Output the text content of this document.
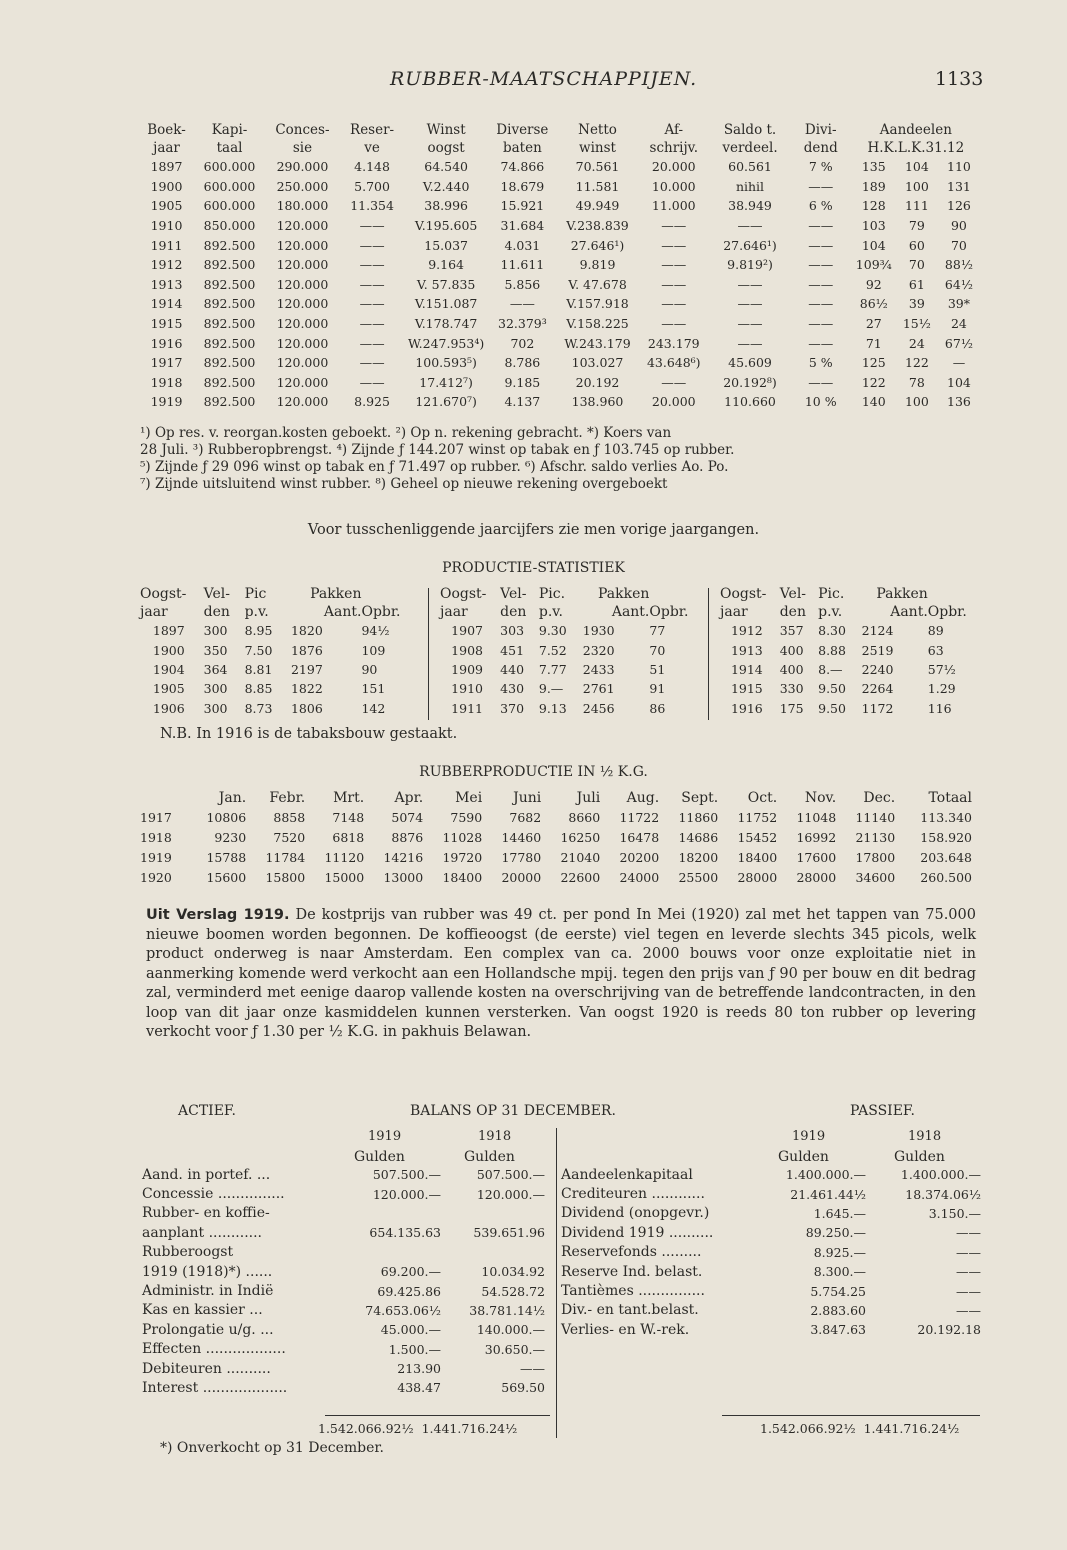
RUBBER-MAATSCHAPPIJEN.	1133
Boek-	Kapi-	Conces-	Reser-	Winst	Diverse	Netto	Af-	Saldo t.	Divi-	Aandeelen		
jaar	taal	sie	ve	oogst	baten	winst	schrijv.	verdeel.	dend	H.K.L.K.31.12		
1897	600.000	290.000	4.148	64.540	74.866	70.561	20.000	60.561	7 %	135	104	110
1900	600.000	250.000	5.700	V.2.440	18.679	11.581	10.000	nihil	——	189	100	131
1905	600.000	180.000	11.354	38.996	15.921	49.949	11.000	38.949	6 %	128	111	126
1910	850.000	120.000	——	V.195.605	31.684	V.238.839	——	——	——	103	79	90
1911	892.500	120.000	——	15.037	4.031	27.646¹)	——	27.646¹)	——	104	60	70
1912	892.500	120.000	——	9.164	11.611	9.819	——	9.819²)	——	109¾	70	88½
1913	892.500	120.000	——	V. 57.835	5.856	V. 47.678	——	——	——	92	61	64½
1914	892.500	120.000	——	V.151.087	——	V.157.918	——	——	——	86½	39	39*
1915	892.500	120.000	——	V.178.747	32.379³	V.158.225	——	——	——	27	15½	24
1916	892.500	120.000	——	W.247.953⁴)	702	W.243.179	243.179	——	——	71	24	67½
1917	892.500	120.000	——	100.593⁵)	8.786	103.027	43.648⁶)	45.609	5 %	125	122	—
1918	892.500	120.000	——	17.412⁷)	9.185	20.192	——	20.192⁸)	——	122	78	104
1919	892.500	120.000	8.925	121.670⁷)	4.137	138.960	20.000	110.660	10 %	140	100	136
¹) Op res. v. reorgan.kosten geboekt. ²) Op n. rekening gebracht. *) Koers van
28 Juli. ³) Rubberopbrengst. ⁴) Zijnde ƒ 144.207 winst op tabak en ƒ 103.745 op rubber.
⁵) Zijnde ƒ 29 096 winst op tabak en ƒ 71.497 op rubber. ⁶) Afschr. saldo verlies Ao. Po.
⁷) Zijnde uitsluitend winst rubber. ⁸) Geheel op nieuwe rekening overgeboekt
Voor tusschenliggende jaarcijfers zie men vorige jaargangen.
PRODUCTIE-STATISTIEK
Oogst-	Vel-	Pic	Pakken	
jaar	den	p.v.	Aant.	Opbr.
1897	300	8.95	1820	94½
1900	350	7.50	1876	109
1904	364	8.81	2197	90
1905	300	8.85	1822	151
1906	300	8.73	1806	142
Oogst-	Vel-	Pic.	Pakken	
jaar	den	p.v.	Aant.	Opbr.
1907	303	9.30	1930	77
1908	451	7.52	2320	70
1909	440	7.77	2433	51
1910	430	9.—	2761	91
1911	370	9.13	2456	86
Oogst-	Vel-	Pic.	Pakken	
jaar	den	p.v.	Aant.	Opbr.
1912	357	8.30	2124	89
1913	400	8.88	2519	63
1914	400	8.—	2240	57½
1915	330	9.50	2264	1.29
1916	175	9.50	1172	116
N.B. In 1916 is de tabaksbouw gestaakt.
RUBBERPRODUCTIE IN ½ K.G.
	Jan.	Febr.	Mrt.	Apr.	Mei	Juni	Juli	Aug.	Sept.	Oct.	Nov.	Dec.	Totaal
1917	10806	8858	7148	5074	7590	7682	8660	11722	11860	11752	11048	11140	113.340
1918	9230	7520	6818	8876	11028	14460	16250	16478	14686	15452	16992	21130	158.920
1919	15788	11784	11120	14216	19720	17780	21040	20200	18200	18400	17600	17800	203.648
1920	15600	15800	15000	13000	18400	20000	22600	24000	25500	28000	28000	34600	260.500
Uit Verslag 1919. De kostprijs van rubber was 49 ct. per pond In Mei (1920) zal met het tappen van 75.000 nieuwe boomen worden begonnen. De koffieoogst (de eerste) viel tegen en leverde slechts 345 picols, welk product onderweg is naar Amsterdam. Een complex van ca. 2000 bouws voor onze exploitatie niet in aanmerking komende werd verkocht aan een Hollandsche mpij. tegen den prijs van ƒ 90 per bouw en dit bedrag zal, verminderd met eenige daarop vallende kosten na overschrijving van de betreffende landcontracten, in den loop van dit jaar onze kasmiddelen kunnen versterken. Van oogst 1920 is reeds 80 ton rubber op levering verkocht voor ƒ 1.30 per ½ K.G. in pakhuis Belawan.
ACTIEF.	BALANS OP 31 DECEMBER.	PASSIEF.
1919	1918
Gulden	Gulden
1919	1918
Gulden	Gulden
Aand. in portef. ...	507.500.—	507.500.—
Concessie ...............	120.000.—	120.000.—
Rubber- en koffie-		
aanplant ............	654.135.63	539.651.96
Rubberoogst		
1919 (1918)*) ......	69.200.—	10.034.92
Administr. in Indië	69.425.86	54.528.72
Kas en kassier ...	74.653.06½	38.781.14½
Prolongatie u/g. ...	45.000.—	140.000.—
Effecten ..................	1.500.—	30.650.—
Debiteuren ..........	213.90	——
Interest ...................	438.47	569.50
Aandeelenkapitaal	1.400.000.—	1.400.000.—
Crediteuren ............	21.461.44½	18.374.06½
Dividend (onopgevr.)	1.645.—	3.150.—
Dividend 1919 ..........	89.250.—	——
Reservefonds .........	8.925.—	——
Reserve Ind. belast.	8.300.—	——
Tantièmes ...............	5.754.25	——
Div.- en tant.belast.	2.883.60	——
Verlies- en W.-rek.	3.847.63	20.192.18
1.542.066.92½ 1.441.716.24½	1.542.066.92½ 1.441.716.24½
*) Onverkocht op 31 December.
